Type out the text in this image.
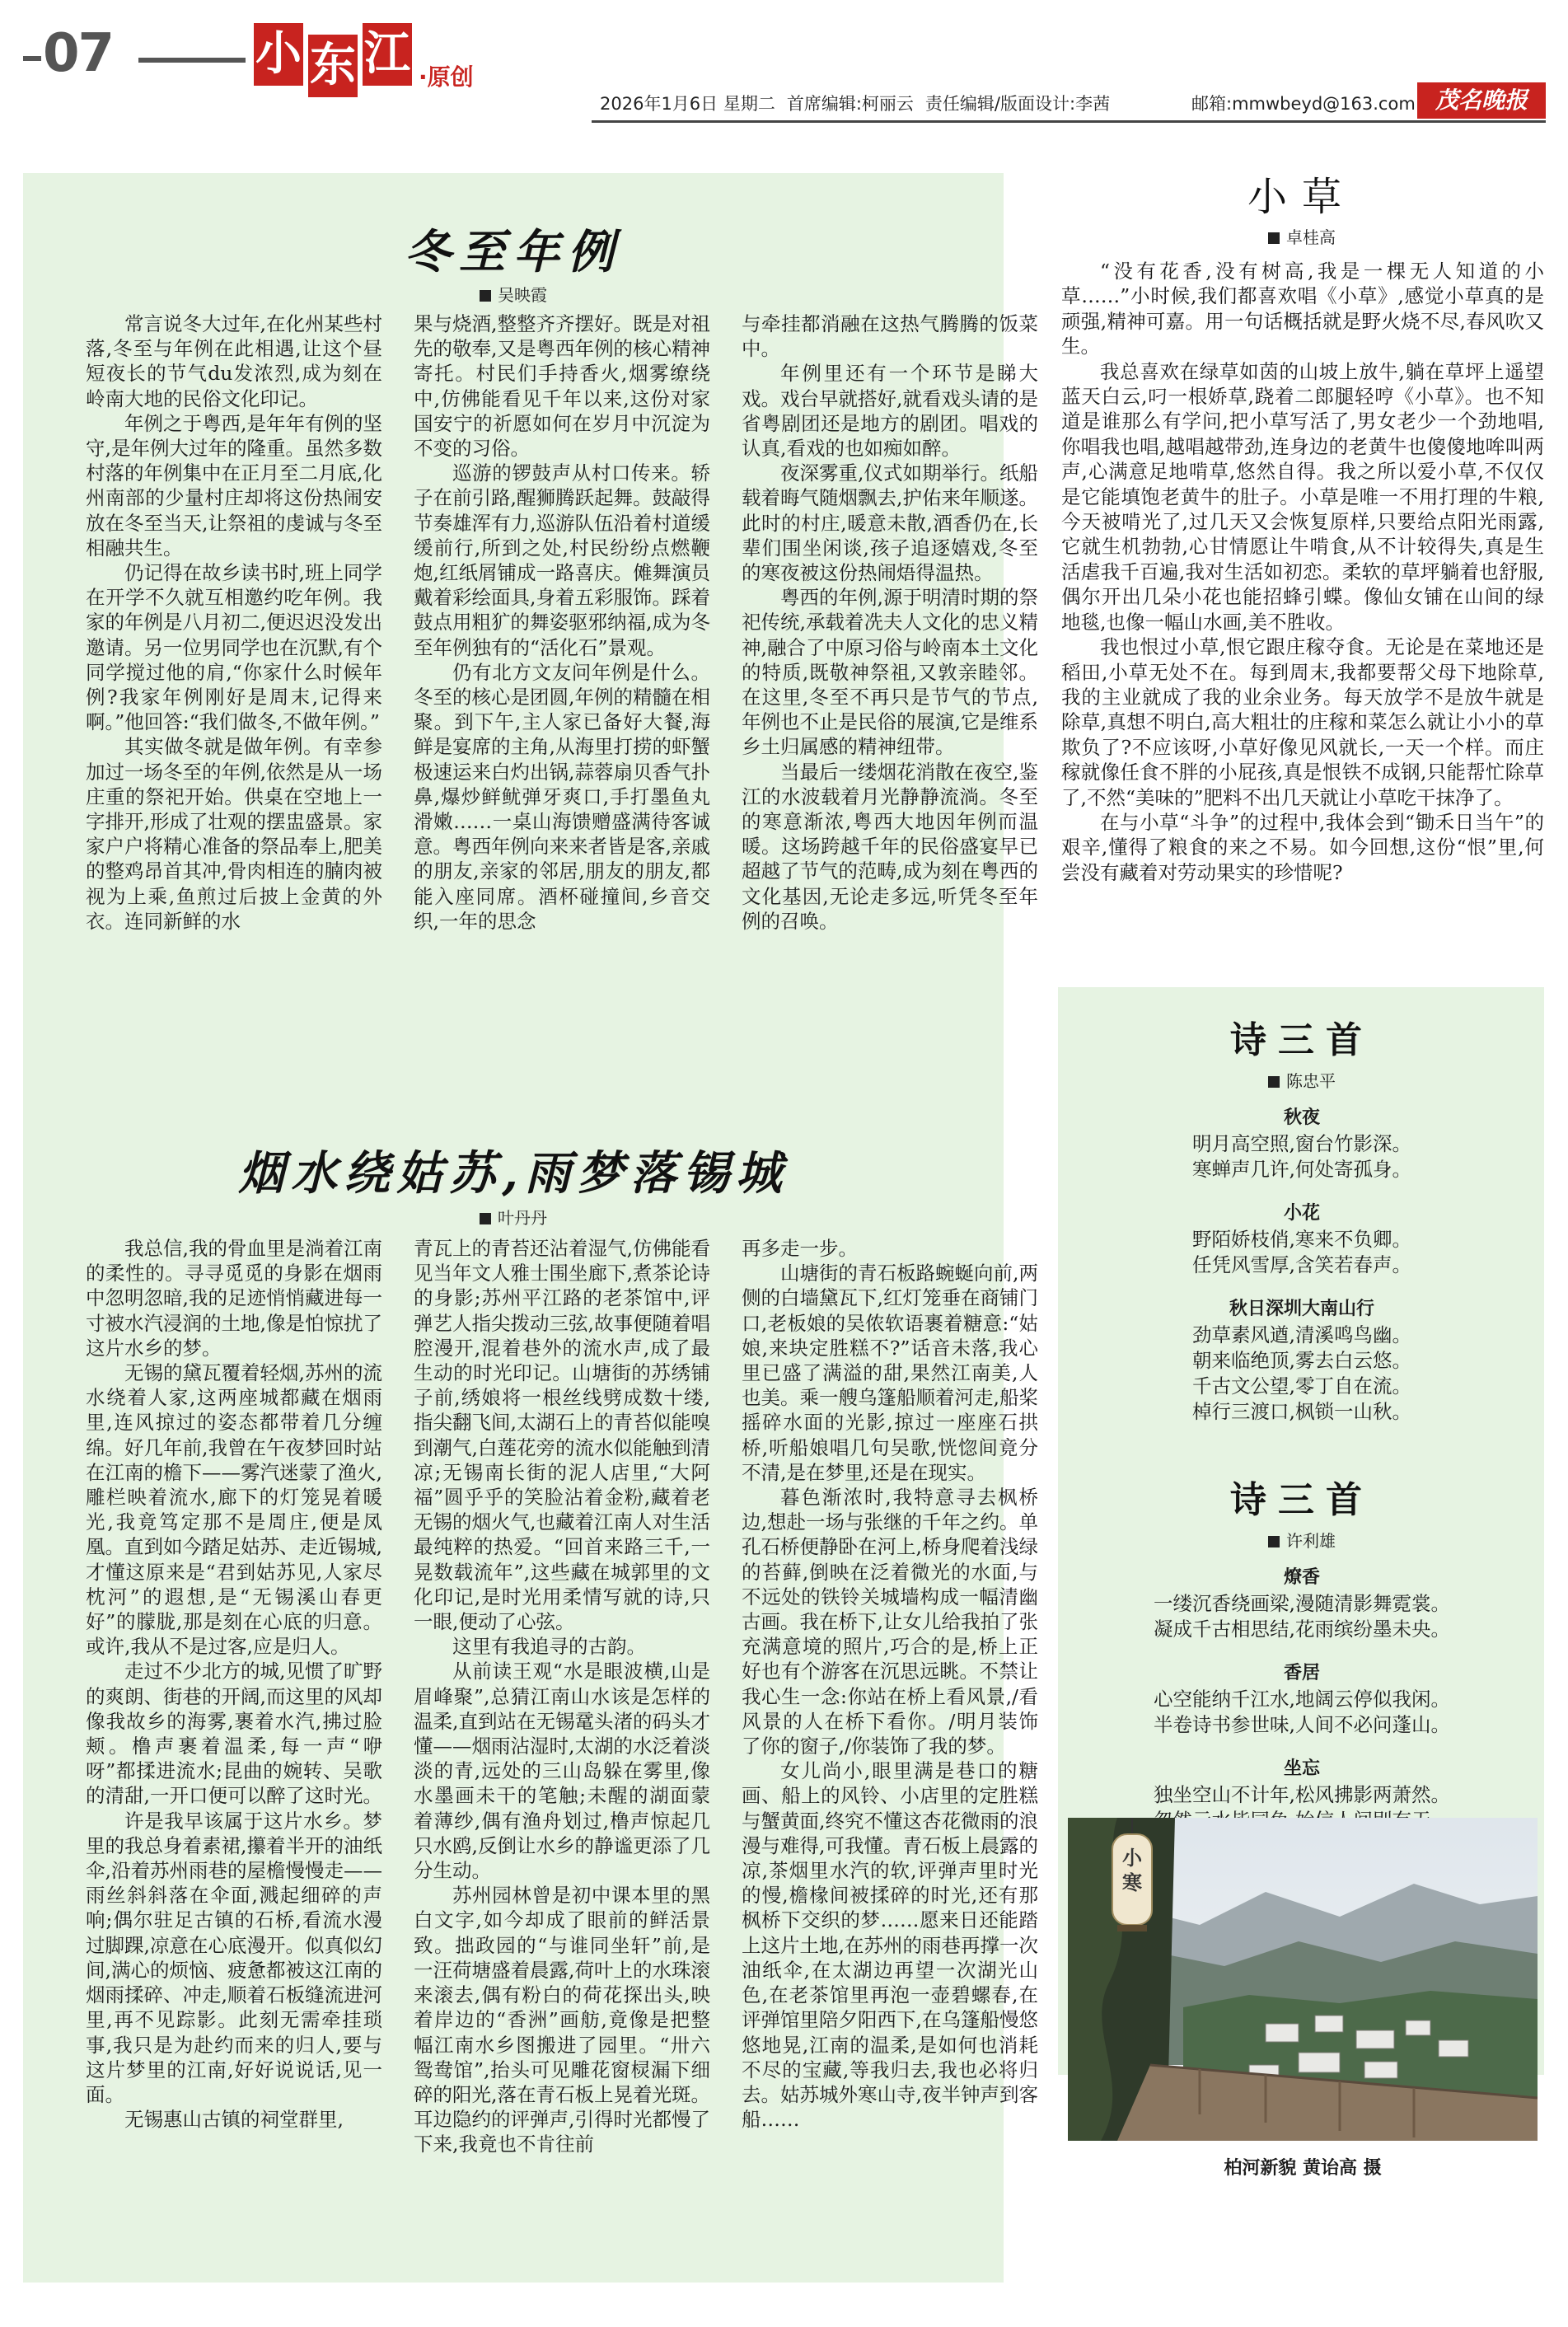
07	小 东 江 ·原创
2026年1月6日 星期二 首席编辑:柯丽云 责任编辑/版面设计:李茜	邮箱:mmwbeyd@163.com 茂名晚报
冬至年例
吴映霞

常言说冬大过年,在化州某些村落,冬至与年例在此相遇,让这个昼短夜长的节气du发浓烈,成为刻在岭南大地的民俗文化印记。

年例之于粤西,是年年有例的坚守,是年例大过年的隆重。虽然多数村落的年例集中在正月至二月底,化州南部的少量村庄却将这份热闹安放在冬至当天,让祭祖的虔诚与冬至相融共生。

仍记得在故乡读书时,班上同学在开学不久就互相邀约吃年例。我家的年例是八月初二,便迟迟没发出邀请。另一位男同学也在沉默,有个同学搅过他的肩,“你家什么时候年例?我家年例刚好是周末,记得来啊。”他回答:“我们做冬,不做年例。”

其实做冬就是做年例。有幸参加过一场冬至的年例,依然是从一场庄重的祭祀开始。供桌在空地上一字排开,形成了壮观的摆盅盛景。家家户户将精心准备的祭品奉上,肥美的整鸡昂首其冲,骨肉相连的腩肉被视为上乘,鱼煎过后披上金黄的外衣。连同新鲜的水

果与烧酒,整整齐齐摆好。既是对祖先的敬奉,又是粤西年例的核心精神寄托。村民们手持香火,烟雾缭绕中,仿佛能看见千年以来,这份对家国安宁的祈愿如何在岁月中沉淀为不变的习俗。

巡游的锣鼓声从村口传来。轿子在前引路,醒狮腾跃起舞。鼓敲得节奏雄浑有力,巡游队伍沿着村道缓缓前行,所到之处,村民纷纷点燃鞭炮,红纸屑铺成一路喜庆。傩舞演员戴着彩绘面具,身着五彩服饰。踩着鼓点用粗犷的舞姿驱邪纳福,成为冬至年例独有的“活化石”景观。

仍有北方文友问年例是什么。冬至的核心是团圆,年例的精髓在相聚。到下午,主人家已备好大餐,海鲜是宴席的主角,从海里打捞的虾蟹极速运来白灼出锅,蒜蓉扇贝香气扑鼻,爆炒鲜鱿弹牙爽口,手打墨鱼丸滑嫩……一桌山海馈赠盛满待客诚意。粤西年例向来来者皆是客,亲戚的朋友,亲家的邻居,朋友的朋友,都能入座同席。酒杯碰撞间,乡音交织,一年的思念

与牵挂都消融在这热气腾腾的饭菜中。

年例里还有一个环节是睇大戏。戏台早就搭好,就看戏头请的是省粤剧团还是地方的剧团。唱戏的认真,看戏的也如痴如醉。

夜深雾重,仪式如期举行。纸船载着晦气随烟飘去,护佑来年顺遂。此时的村庄,暖意未散,酒香仍在,长辈们围坐闲谈,孩子追逐嬉戏,冬至的寒夜被这份热闹焐得温热。

粤西的年例,源于明清时期的祭祀传统,承载着冼夫人文化的忠义精神,融合了中原习俗与岭南本土文化的特质,既敬神祭祖,又敦亲睦邻。在这里,冬至不再只是节气的节点,年例也不止是民俗的展演,它是维系乡土归属感的精神纽带。

当最后一缕烟花消散在夜空,鉴江的水波载着月光静静流淌。冬至的寒意渐浓,粤西大地因年例而温暖。这场跨越千年的民俗盛宴早已超越了节气的范畴,成为刻在粤西的文化基因,无论走多远,听凭冬至年例的召唤。

烟水绕姑苏,雨梦落锡城
叶丹丹

我总信,我的骨血里是淌着江南的柔性的。寻寻觅觅的身影在烟雨中忽明忽暗,我的足迹悄悄藏进每一寸被水汽浸润的土地,像是怕惊扰了这片水乡的梦。

无锡的黛瓦覆着轻烟,苏州的流水绕着人家,这两座城都藏在烟雨里,连风掠过的姿态都带着几分缠绵。好几年前,我曾在午夜梦回时站在江南的檐下——雾汽迷蒙了渔火,雕栏映着流水,廊下的灯笼晃着暖光,我竟笃定那不是周庄,便是凤凰。直到如今踏足姑苏、走近锡城,才懂这原来是“君到姑苏见,人家尽枕河”的遐想,是“无锡溪山春更好”的朦胧,那是刻在心底的归意。或许,我从不是过客,应是归人。

走过不少北方的城,见惯了旷野的爽朗、街巷的开阔,而这里的风却像我故乡的海雾,裹着水汽,拂过脸颊。橹声裹着温柔,每一声“咿呀”都揉进流水;昆曲的婉转、吴歌的清甜,一开口便可以醉了这时光。

许是我早该属于这片水乡。梦里的我总身着素裙,攥着半开的油纸伞,沿着苏州雨巷的屋檐慢慢走——雨丝斜斜落在伞面,溅起细碎的声响;偶尔驻足古镇的石桥,看流水漫过脚踝,凉意在心底漫开。似真似幻间,满心的烦恼、疲惫都被这江南的烟雨揉碎、冲走,顺着石板缝流进河里,再不见踪影。此刻无需牵挂琐事,我只是为赴约而来的归人,要与这片梦里的江南,好好说说话,见一面。

无锡惠山古镇的祠堂群里,

青瓦上的青苔还沾着湿气,仿佛能看见当年文人雅士围坐廊下,煮茶论诗的身影;苏州平江路的老茶馆中,评弹艺人指尖拨动三弦,故事便随着唱腔漫开,混着巷外的流水声,成了最生动的时光印记。山塘街的苏绣铺子前,绣娘将一根丝线劈成数十缕,指尖翻飞间,太湖石上的青苔似能嗅到潮气,白莲花旁的流水似能触到清凉;无锡南长街的泥人店里,“大阿福”圆乎乎的笑脸沾着金粉,藏着老无锡的烟火气,也藏着江南人对生活最纯粹的热爱。“回首来路三千,一晃数载流年”,这些藏在城郭里的文化印记,是时光用柔情写就的诗,只一眼,便动了心弦。

这里有我追寻的古韵。

从前读王观“水是眼波横,山是眉峰聚”,总猜江南山水该是怎样的温柔,直到站在无锡鼋头渚的码头才懂——烟雨沾湿时,太湖的水泛着淡淡的青,远处的三山岛躲在雾里,像水墨画未干的笔触;未醒的湖面蒙着薄纱,偶有渔舟划过,橹声惊起几只水鸥,反倒让水乡的静谧更添了几分生动。

苏州园林曾是初中课本里的黑白文字,如今却成了眼前的鲜活景致。拙政园的“与谁同坐轩”前,是一汪荷塘盛着晨露,荷叶上的水珠滚来滚去,偶有粉白的荷花探出头,映着岸边的“香洲”画舫,竟像是把整幅江南水乡图搬进了园里。“卅六鸳鸯馆”,抬头可见雕花窗棂漏下细碎的阳光,落在青石板上晃着光斑。耳边隐约的评弹声,引得时光都慢了下来,我竟也不肯往前

再多走一步。

山塘街的青石板路蜿蜒向前,两侧的白墙黛瓦下,红灯笼垂在商铺门口,老板娘的吴侬软语裹着糖意:“姑娘,来块定胜糕不?”话音未落,我心里已盛了满溢的甜,果然江南美,人也美。乘一艘乌篷船顺着河走,船桨摇碎水面的光影,掠过一座座石拱桥,听船娘唱几句吴歌,恍惚间竟分不清,是在梦里,还是在现实。

暮色渐浓时,我特意寻去枫桥边,想赴一场与张继的千年之约。单孔石桥便静卧在河上,桥身爬着浅绿的苔藓,倒映在泛着微光的水面,与不远处的铁铃关城墙构成一幅清幽古画。我在桥下,让女儿给我拍了张充满意境的照片,巧合的是,桥上正好也有个游客在沉思远眺。不禁让我心生一念:你站在桥上看风景,/看风景的人在桥下看你。/明月装饰了你的窗子,/你装饰了我的梦。

女儿尚小,眼里满是巷口的糖画、船上的风铃、小店里的定胜糕与蟹黄面,终究不懂这杏花微雨的浪漫与难得,可我懂。青石板上晨露的凉,茶烟里水汽的软,评弹声里时光的慢,檐椽间被揉碎的时光,还有那枫桥下交织的梦……愿来日还能踏上这片土地,在苏州的雨巷再撑一次油纸伞,在太湖边再望一次湖光山色,在老茶馆里再泡一壶碧螺春,在评弹馆里陪夕阳西下,在乌篷船慢悠悠地晃,江南的温柔,是如何也消耗不尽的宝藏,等我归去,我也必将归去。姑苏城外寒山寺,夜半钟声到客船……

小草
卓桂高

“没有花香,没有树高,我是一棵无人知道的小草……”小时候,我们都喜欢唱《小草》,感觉小草真的是顽强,精神可嘉。用一句话概括就是野火烧不尽,春风吹又生。

我总喜欢在绿草如茵的山坡上放牛,躺在草坪上遥望蓝天白云,叼一根娇草,跷着二郎腿轻哼《小草》。也不知道是谁那么有学问,把小草写活了,男女老少一个劲地唱,你唱我也唱,越唱越带劲,连身边的老黄牛也傻傻地哞叫两声,心满意足地啃草,悠然自得。我之所以爱小草,不仅仅是它能填饱老黄牛的肚子。小草是唯一不用打理的牛粮,今天被啃光了,过几天又会恢复原样,只要给点阳光雨露,它就生机勃勃,心甘情愿让牛啃食,从不计较得失,真是生活虐我千百遍,我对生活如初恋。柔软的草坪躺着也舒服,偶尔开出几朵小花也能招蜂引蝶。像仙女铺在山间的绿地毯,也像一幅山水画,美不胜收。

我也恨过小草,恨它跟庄稼夺食。无论是在菜地还是稻田,小草无处不在。每到周末,我都要帮父母下地除草,我的主业就成了我的业余业务。每天放学不是放牛就是除草,真想不明白,高大粗壮的庄稼和菜怎么就让小小的草欺负了?不应该呀,小草好像见风就长,一天一个样。而庄稼就像任食不胖的小屁孩,真是恨铁不成钢,只能帮忙除草了,不然“美味的”肥料不出几天就让小草吃干抹净了。

在与小草“斗争”的过程中,我体会到“锄禾日当午”的艰辛,懂得了粮食的来之不易。如今回想,这份“恨”里,何尝没有藏着对劳动果实的珍惜呢?

诗三首
陈忠平
秋夜
明月高空照,窗台竹影深。
寒蝉声几许,何处寄孤身。
小花
野陌娇枝俏,寒来不负卿。
任凭风雪厚,含笑若春声。
秋日深圳大南山行
劲草素风遒,清溪鸣鸟幽。
朝来临绝顶,雾去白云悠。
千古文公望,零丁自在流。
棹行三渡口,枫锁一山秋。
诗三首
许利雄
燎香
一缕沉香绕画梁,漫随清影舞霓裳。
凝成千古相思结,花雨缤纷墨未央。
香居
心空能纳千江水,地阔云停似我闲。
半卷诗书参世味,人间不必问蓬山。
坐忘
独坐空山不计年,松风拂影两萧然。
小寒
柏河新貌 黄诒高 摄
